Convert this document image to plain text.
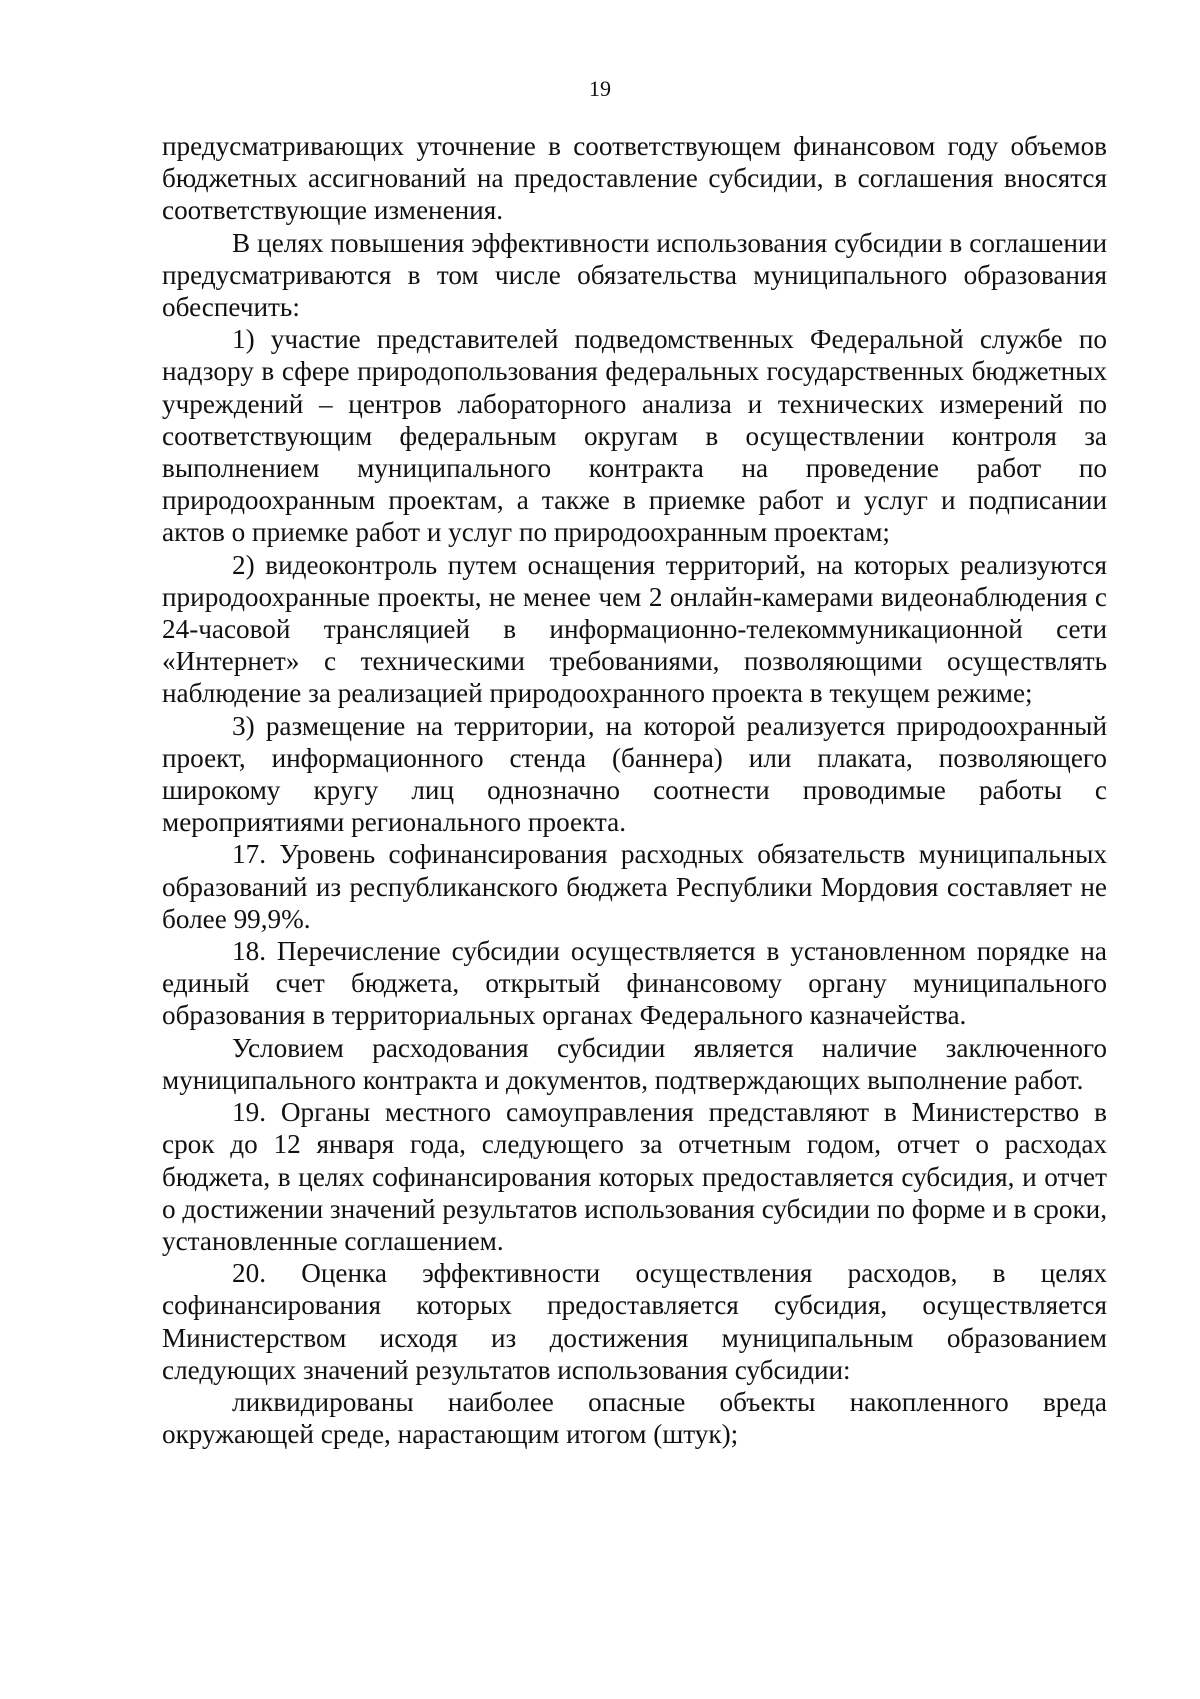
19

предусматривающих уточнение в соответствующем финансовом году объемов бюджетных ассигнований на предоставление субсидии, в соглашения вносятся соответствующие изменения.

В целях повышения эффективности использования субсидии в соглашении предусматриваются в том числе обязательства муниципального образования обеспечить:

1) участие представителей подведомственных Федеральной службе по надзору в сфере природопользования федеральных государственных бюджетных учреждений – центров лабораторного анализа и технических измерений по соответствующим федеральным округам в осуществлении контроля за выполнением муниципального контракта на проведение работ по природоохранным проектам, а также в приемке работ и услуг и подписании актов о приемке работ и услуг по природоохранным проектам;

2) видеоконтроль путем оснащения территорий, на которых реализуются природоохранные проекты, не менее чем 2 онлайн-камерами видеонаблюдения с 24-часовой трансляцией в информационно-телекоммуникационной сети «Интернет» с техническими требованиями, позволяющими осуществлять наблюдение за реализацией природоохранного проекта в текущем режиме;

3) размещение на территории, на которой реализуется природоохранный проект, информационного стенда (баннера) или плаката, позволяющего широкому кругу лиц однозначно соотнести проводимые работы с мероприятиями регионального проекта.

17. Уровень софинансирования расходных обязательств муниципальных образований из республиканского бюджета Республики Мордовия составляет не более 99,9%.

18. Перечисление субсидии осуществляется в установленном порядке на единый счет бюджета, открытый финансовому органу муниципального образования в территориальных органах Федерального казначейства.

Условием расходования субсидии является наличие заключенного муниципального контракта и документов, подтверждающих выполнение работ.

19. Органы местного самоуправления представляют в Министерство в срок до 12 января года, следующего за отчетным годом, отчет о расходах бюджета, в целях софинансирования которых предоставляется субсидия, и отчет о достижении значений результатов использования субсидии по форме и в сроки, установленные соглашением.

20. Оценка эффективности осуществления расходов, в целях софинансирования которых предоставляется субсидия, осуществляется Министерством исходя из достижения муниципальным образованием следующих значений результатов использования субсидии:

ликвидированы наиболее опасные объекты накопленного вреда окружающей среде, нарастающим итогом (штук);
